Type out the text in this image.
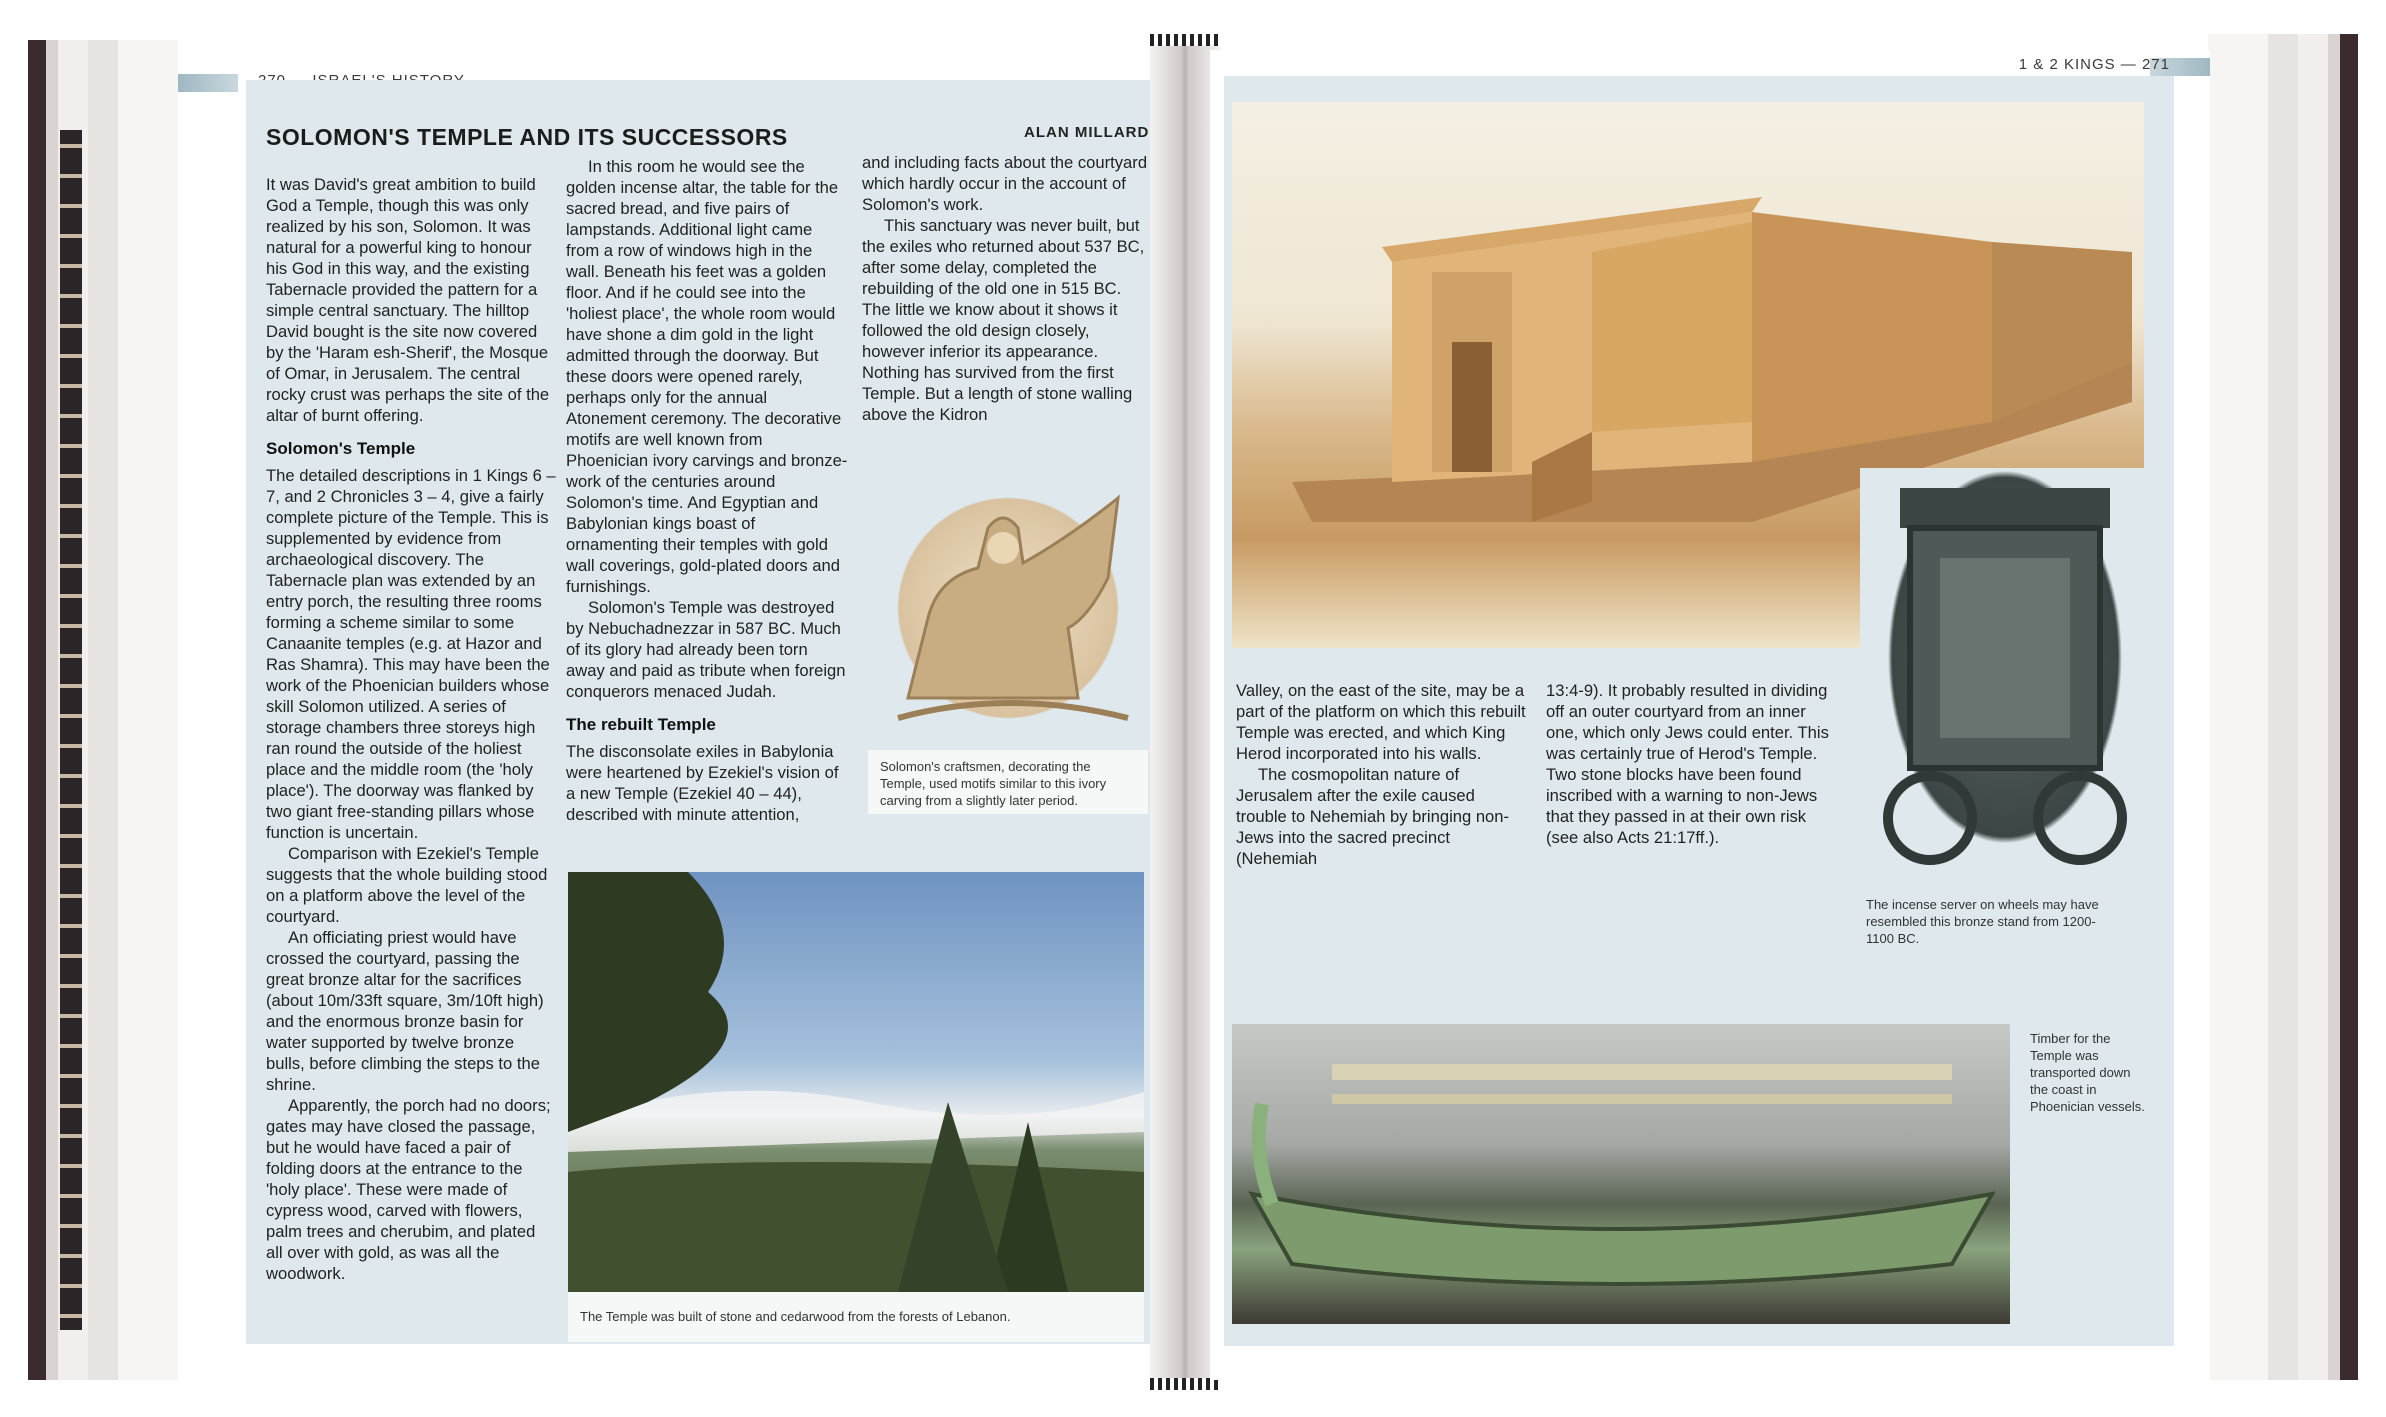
SOLOMON'S TEMPLE AND ITS SUCCESSORS	ALAN MILLARD

It was David's great ambition to build God a Temple, though this was only realized by his son, Solomon. It was natural for a powerful king to honour his God in this way, and the existing Tabernacle provided the pattern for a simple central sanctuary. The hilltop David bought is the site now covered by the 'Haram esh-Sherif', the Mosque of Omar, in Jerusalem. The central rocky crust was perhaps the site of the altar of burnt offering.

Solomon's Temple

The detailed descriptions in 1 Kings 6 – 7, and 2 Chronicles 3 – 4, give a fairly complete picture of the Temple. This is supplemented by evidence from archaeological discovery. The Tabernacle plan was extended by an entry porch, the resulting three rooms forming a scheme similar to some Canaanite temples (e.g. at Hazor and Ras Shamra). This may have been the work of the Phoenician builders whose skill Solomon utilized. A series of storage chambers three storeys high ran round the outside of the holiest place and the middle room (the 'holy place'). The doorway was flanked by two giant free-standing pillars whose function is uncertain.

Comparison with Ezekiel's Temple suggests that the whole building stood on a platform above the level of the courtyard.

An officiating priest would have crossed the courtyard, passing the great bronze altar for the sacrifices (about 10m/33ft square, 3m/10ft high) and the enormous bronze basin for water supported by twelve bronze bulls, before climbing the steps to the shrine.

Apparently, the porch had no doors; gates may have closed the passage, but he would have faced a pair of folding doors at the entrance to the 'holy place'. These were made of cypress wood, carved with flowers, palm trees and cherubim, and plated all over with gold, as was all the woodwork.

In this room he would see the golden incense altar, the table for the sacred bread, and five pairs of lampstands. Additional light came from a row of windows high in the wall. Beneath his feet was a golden floor. And if he could see into the 'holiest place', the whole room would have shone a dim gold in the light admitted through the doorway. But these doors were opened rarely, perhaps only for the annual Atonement ceremony. The decorative motifs are well known from Phoenician ivory carvings and bronze-work of the centuries around Solomon's time. And Egyptian and Babylonian kings boast of ornamenting their temples with gold wall coverings, gold-plated doors and furnishings.

Solomon's Temple was destroyed by Nebuchadnezzar in 587 BC. Much of its glory had already been torn away and paid as tribute when foreign conquerors menaced Judah.

The rebuilt Temple

The disconsolate exiles in Babylonia were heartened by Ezekiel's vision of a new Temple (Ezekiel 40 – 44), described with minute attention,

and including facts about the courtyard which hardly occur in the account of Solomon's work.

This sanctuary was never built, but the exiles who returned about 537 BC, after some delay, completed the rebuilding of the old one in 515 BC. The little we know about it shows it followed the old design closely, however inferior its appearance. Nothing has survived from the first Temple. But a length of stone walling above the Kidron

Solomon's craftsmen, decorating the Temple, used motifs similar to this ivory carving from a slightly later period.
The Temple was built of stone and cedarwood from the forests of Lebanon.
1 & 2 KINGS — 271

Valley, on the east of the site, may be a part of the platform on which this rebuilt Temple was erected, and which King Herod incorporated into his walls.

The cosmopolitan nature of Jerusalem after the exile caused trouble to Nehemiah by bringing non-Jews into the sacred precinct (Nehemiah

13:4-9). It probably resulted in dividing off an outer courtyard from an inner one, which only Jews could enter. This was certainly true of Herod's Temple. Two stone blocks have been found inscribed with a warning to non-Jews that they passed in at their own risk (see also Acts 21:17ff.).

The incense server on wheels may have resembled this bronze stand from 1200-1100 BC.
Timber for the Temple was transported down the coast in Phoenician vessels.
